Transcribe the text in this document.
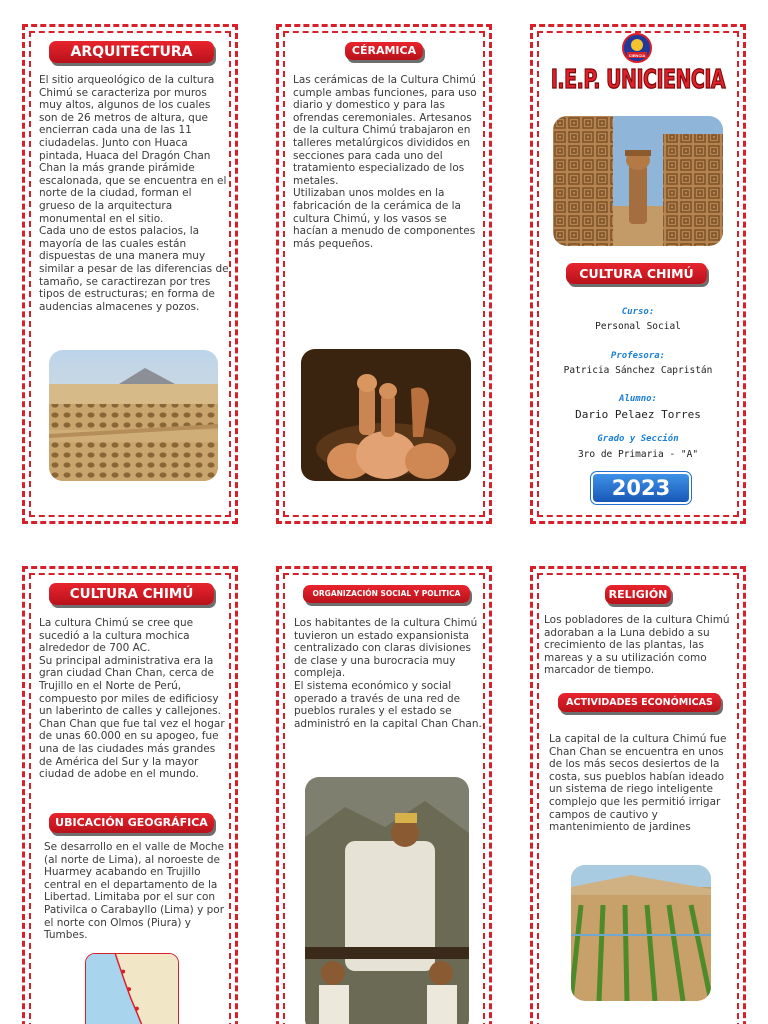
ARQUITECTURA

El sitio arqueológico de la cultura Chimú se caracteriza por muros muy altos, algunos de los cuales son de 26 metros de altura, que encierran cada una de las 11 ciudadelas. Junto con Huaca pintada, Huaca del Dragón Chan Chan la más grande pirámide escalonada, que se encuentra en el norte de la ciudad, forman el grueso de la arquitectura monumental en el sitio.

Cada uno de estos palacios, la mayoría de las cuales están dispuestas de una manera muy similar a pesar de las diferencias de tamaño, se caractirezan por tres tipos de estructuras; en forma de audencias almacenes y pozos.

CÉRAMICA

Las cerámicas de la Cultura Chimú cumple ambas funciones, para uso diario y domestico y para las ofrendas ceremoniales. Artesanos de la cultura Chimú trabajaron en talleres metalúrgicos divididos en secciones para cada uno del tratamiento especializado de los metales.

Utilizaban unos moldes en la fabricación de la cerámica de la cultura Chimú, y los vasos se hacían a menudo de componentes más pequeños.

CIENCIA
I.E.P. UNICIENCIA
CULTURA CHIMÚ
Curso:
Personal Social
Profesora:
Patricia Sánchez Capristán
Alumno:
Dario Pelaez Torres
Grado y Sección
3ro de Primaria - "A"
2023
CULTURA CHIMÚ

La cultura Chimú se cree que sucedió a la cultura mochica alrededor de 700 AC.

Su principal administrativa era la gran ciudad Chan Chan, cerca de Trujillo en el Norte de Perú, compuesto por miles de edificiosy un laberinto de calles y callejones. Chan Chan que fue tal vez el hogar de unas 60.000 en su apogeo, fue una de las ciudades más grandes de América del Sur y la mayor ciudad de adobe en el mundo.

UBICACIÓN GEOGRÁFICA
Se desarrollo en el valle de Moche (al norte de Lima), al noroeste de Huarmey acabando en Trujillo central en el departamento de la Libertad. Limitaba por el sur con Pativilca o Carabayllo (Lima) y por el norte con Olmos (Piura) y Tumbes.
ORGANIZACIÓN SOCIAL Y POLITICA

Los habitantes de la cultura Chimú tuvieron un estado expansionista centralizado con claras divisiones de clase y una burocracia muy compleja.

El sistema económico y social operado a través de una red de pueblos rurales y el estado se administró en la capital Chan Chan.

RELIGIÓN
Los pobladores de la cultura Chimú adoraban a la Luna debido a su crecimiento de las plantas, las mareas y a su utilización como marcador de tiempo.
ACTIVIDADES ECONÓMICAS
La capital de la cultura Chimú fue Chan Chan se encuentra en unos de los más secos desiertos de la costa, sus pueblos habían ideado un sistema de riego inteligente complejo que les permitió irrigar campos de cautivo y mantenimiento de jardines
